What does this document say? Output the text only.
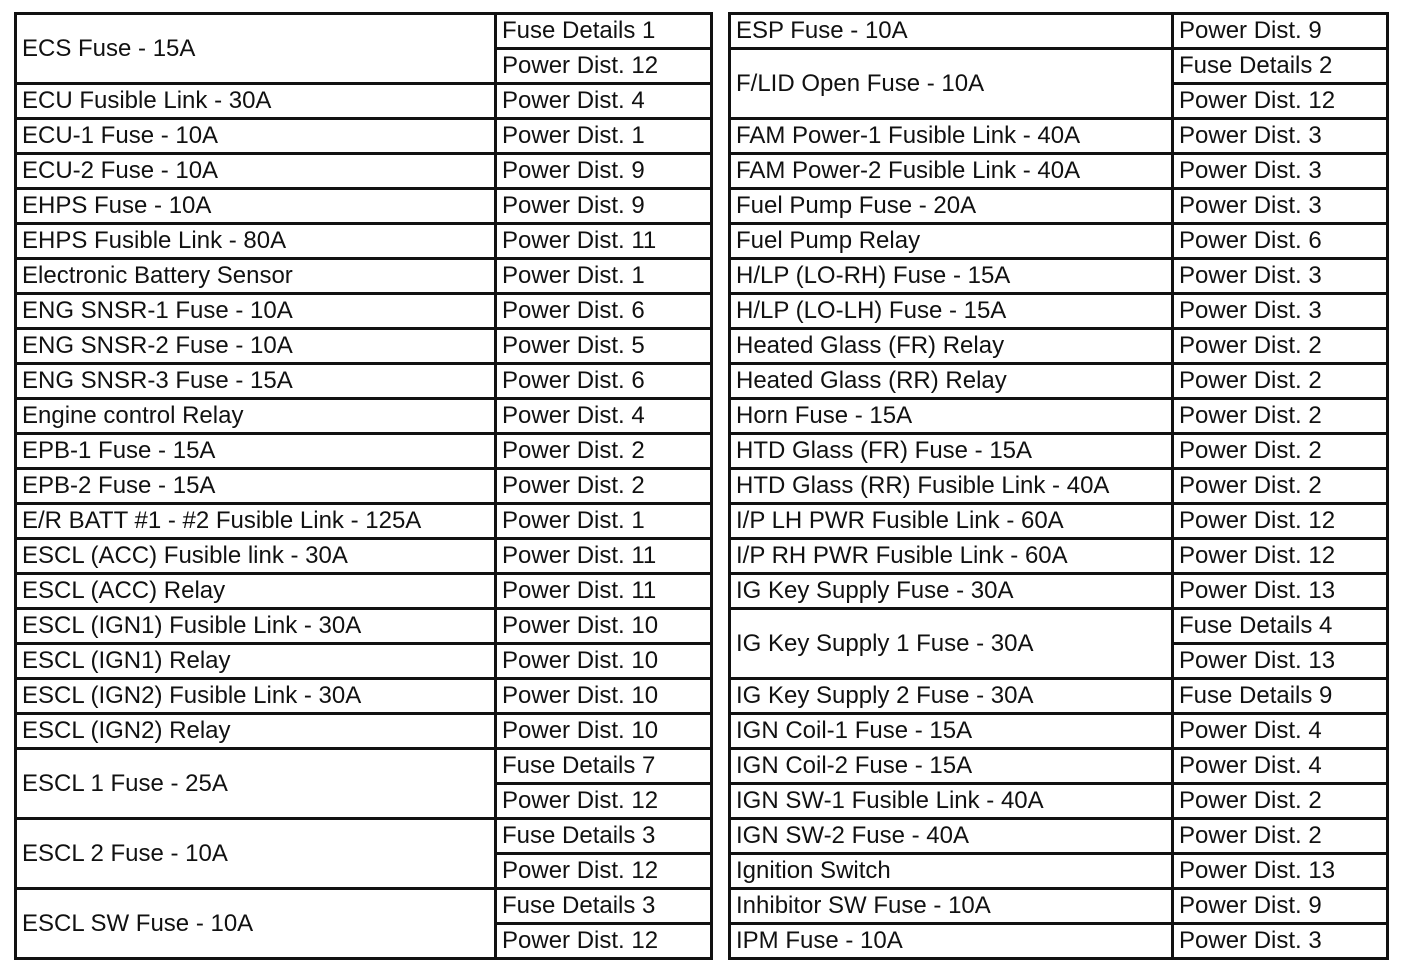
ECS Fuse - 15A	Fuse Details 1
	Power Dist. 12
ECU Fusible Link - 30A	Power Dist. 4
ECU-1 Fuse - 10A	Power Dist. 1
ECU-2 Fuse - 10A	Power Dist. 9
EHPS Fuse - 10A	Power Dist. 9
EHPS Fusible Link - 80A	Power Dist. 11
Electronic Battery Sensor	Power Dist. 1
ENG SNSR-1 Fuse - 10A	Power Dist. 6
ENG SNSR-2 Fuse - 10A	Power Dist. 5
ENG SNSR-3 Fuse - 15A	Power Dist. 6
Engine control Relay	Power Dist. 4
EPB-1 Fuse - 15A	Power Dist. 2
EPB-2 Fuse - 15A	Power Dist. 2
E/R BATT #1 - #2 Fusible Link - 125A	Power Dist. 1
ESCL (ACC) Fusible link - 30A	Power Dist. 11
ESCL (ACC) Relay	Power Dist. 11
ESCL (IGN1) Fusible Link - 30A	Power Dist. 10
ESCL (IGN1) Relay	Power Dist. 10
ESCL (IGN2) Fusible Link - 30A	Power Dist. 10
ESCL (IGN2) Relay	Power Dist. 10
ESCL 1 Fuse - 25A	Fuse Details 7
	Power Dist. 12
ESCL 2 Fuse - 10A	Fuse Details 3
	Power Dist. 12
ESCL SW Fuse - 10A	Fuse Details 3
	Power Dist. 12
ESP Fuse - 10A	Power Dist. 9
F/LID Open Fuse - 10A	Fuse Details 2
	Power Dist. 12
FAM Power-1 Fusible Link - 40A	Power Dist. 3
FAM Power-2 Fusible Link - 40A	Power Dist. 3
Fuel Pump Fuse - 20A	Power Dist. 3
Fuel Pump Relay	Power Dist. 6
H/LP (LO-RH) Fuse - 15A	Power Dist. 3
H/LP (LO-LH) Fuse - 15A	Power Dist. 3
Heated Glass (FR) Relay	Power Dist. 2
Heated Glass (RR) Relay	Power Dist. 2
Horn Fuse - 15A	Power Dist. 2
HTD Glass (FR) Fuse - 15A	Power Dist. 2
HTD Glass (RR) Fusible Link - 40A	Power Dist. 2
I/P LH PWR Fusible Link - 60A	Power Dist. 12
I/P RH PWR Fusible Link - 60A	Power Dist. 12
IG Key Supply Fuse - 30A	Power Dist. 13
IG Key Supply 1 Fuse - 30A	Fuse Details 4
	Power Dist. 13
IG Key Supply 2 Fuse - 30A	Fuse Details 9
IGN Coil-1 Fuse - 15A	Power Dist. 4
IGN Coil-2 Fuse - 15A	Power Dist. 4
IGN SW-1 Fusible Link - 40A	Power Dist. 2
IGN SW-2 Fuse - 40A	Power Dist. 2
Ignition Switch	Power Dist. 13
Inhibitor SW Fuse - 10A	Power Dist. 9
IPM Fuse - 10A	Power Dist. 3
